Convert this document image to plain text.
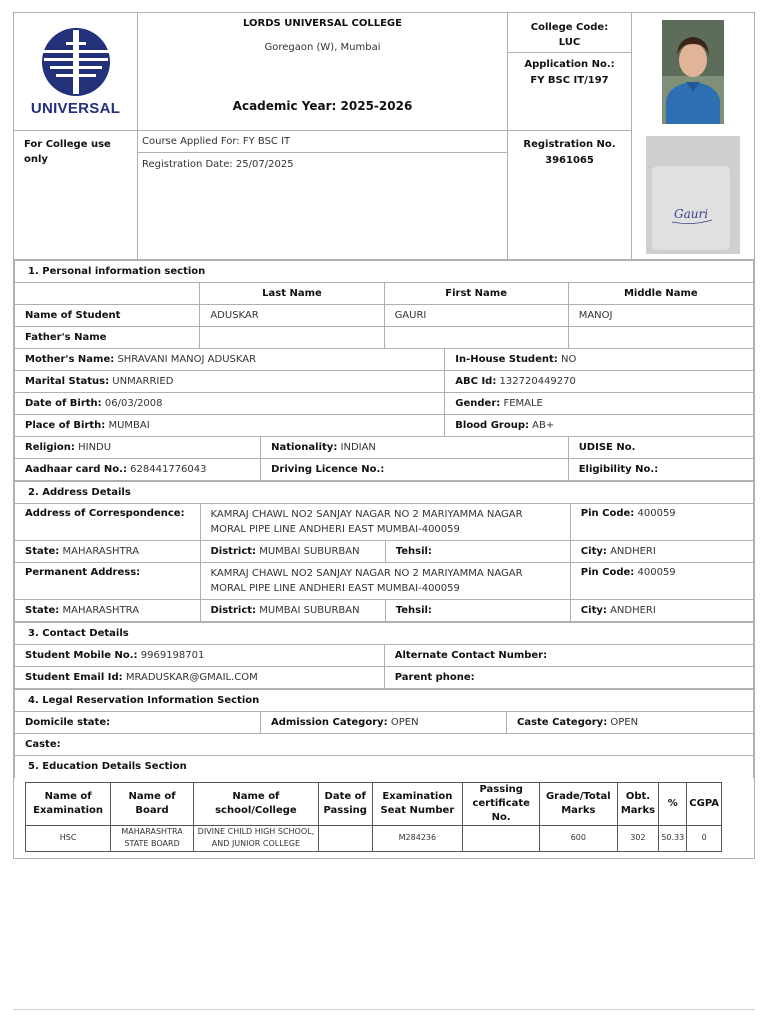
UNIVERSAL
For College use only
LORDS UNIVERSAL COLLEGE
Goregaon (W), Mumbai
Academic Year: 2025-2026
Course Applied For: FY BSC IT
Registration Date: 25/07/2025
College Code:
LUC
Application No.:
FY BSC IT/197
Registration No.
3961065
Gauri
1. Personal information section					
	Last Name		First Name		Middle Name
Name of Student	ADUSKAR		GAURI		MANOJ
Father's Name					
Mother's Name: SHRAVANI MANOJ ADUSKAR				In-House Student: NO	
Marital Status: UNMARRIED				ABC Id: 132720449270	
Date of Birth: 06/03/2008				Gender: FEMALE	
Place of Birth: MUMBAI				Blood Group: AB+	
Religion: HINDU		Nationality: INDIAN			UDISE No.
Aadhaar card No.: 628441776043		Driving Licence No.:			Eligibility No.:
2. Address Details			
Address of Correspondence:	KAMRAJ CHAWL NO2 SANJAY NAGAR NO 2 MARIYAMMA NAGAR
MORAL PIPE LINE ANDHERI EAST MUMBAI-400059		Pin Code: 400059
State: MAHARASHTRA	District: MUMBAI SUBURBAN	Tehsil:	City: ANDHERI
Permanent Address:	KAMRAJ CHAWL NO2 SANJAY NAGAR NO 2 MARIYAMMA NAGAR
MORAL PIPE LINE ANDHERI EAST MUMBAI-400059		Pin Code: 400059
State: MAHARASHTRA	District: MUMBAI SUBURBAN	Tehsil:	City: ANDHERI
3. Contact Details	
Student Mobile No.: 9969198701	Alternate Contact Number:
Student Email Id: MRADUSKAR@GMAIL.COM	Parent phone:
4. Legal Reservation Information Section
Domicile state:	Admission Category: OPEN	Caste Category: OPEN
Caste:
5. Education Details Section
Name of Examination	Name of Board	Name of school/College	Date of Passing	Examination Seat Number	Passing certificate No.	Grade/Total Marks	Obt. Marks	%	CGPA
HSC	MAHARASHTRA STATE BOARD	DIVINE CHILD HIGH SCHOOL, AND JUNIOR COLLEGE		M284236		600	302	50.33	0
